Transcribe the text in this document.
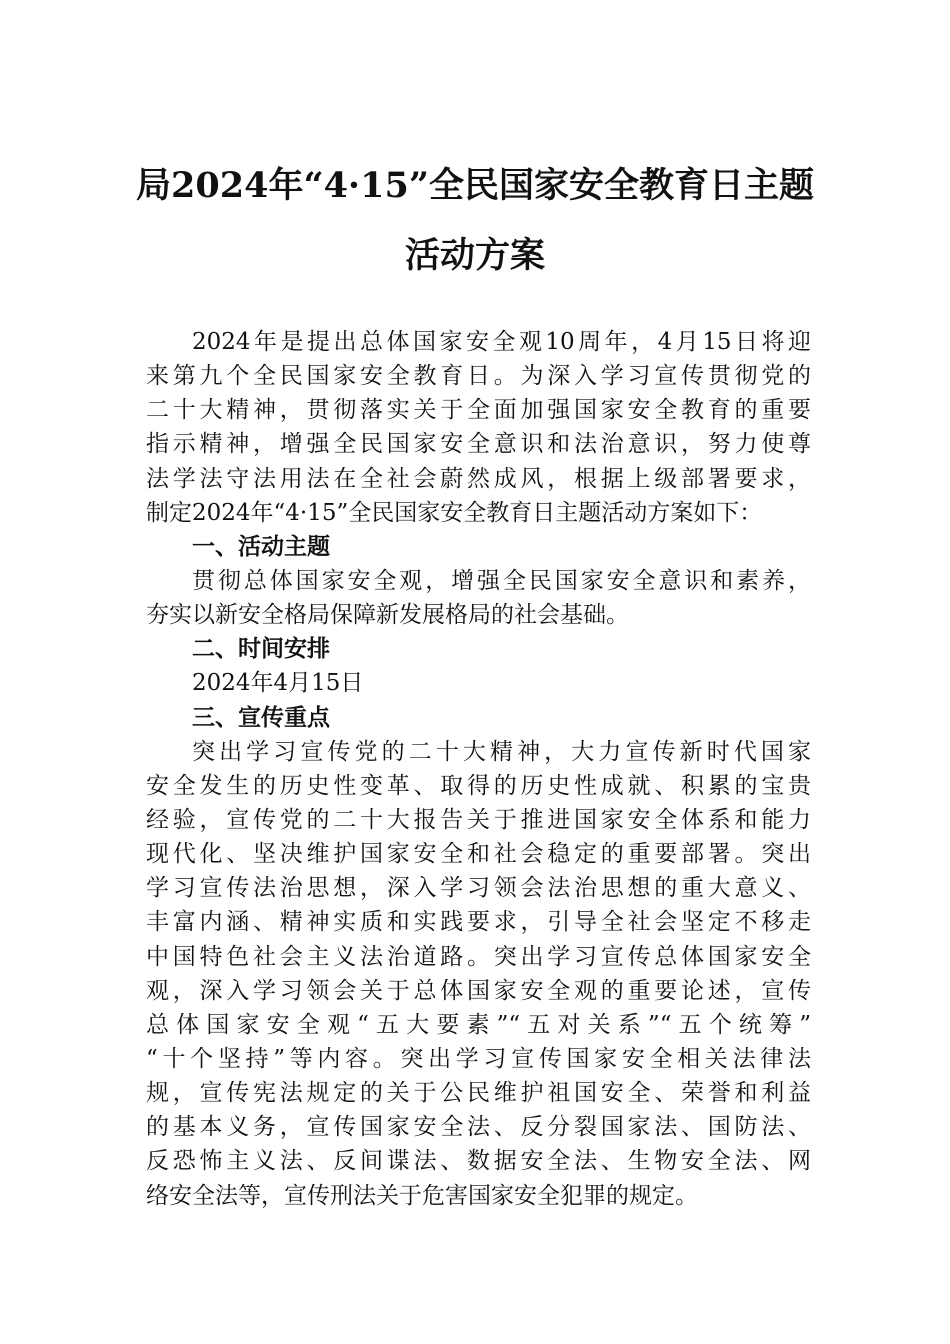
局2024年“4·15”全民国家安全教育日主题
活动方案
2024年是提出总体国家安全观10周年，4月15日将迎
来第九个全民国家安全教育日。为深入学习宣传贯彻党的
二十大精神，贯彻落实关于全面加强国家安全教育的重要
指示精神，增强全民国家安全意识和法治意识，努力使尊
法学法守法用法在全社会蔚然成风，根据上级部署要求，
制定2024年“4·15”全民国家安全教育日主题活动方案如下：
一、活动主题
贯彻总体国家安全观，增强全民国家安全意识和素养，
夯实以新安全格局保障新发展格局的社会基础。
二、时间安排
2024年4月15日
三、宣传重点
突出学习宣传党的二十大精神，大力宣传新时代国家
安全发生的历史性变革、取得的历史性成就、积累的宝贵
经验，宣传党的二十大报告关于推进国家安全体系和能力
现代化、坚决维护国家安全和社会稳定的重要部署。突出
学习宣传法治思想，深入学习领会法治思想的重大意义、
丰富内涵、精神实质和实践要求，引导全社会坚定不移走
中国特色社会主义法治道路。突出学习宣传总体国家安全
观，深入学习领会关于总体国家安全观的重要论述，宣传
总体国家安全观“五大要素”“五对关系”“五个统筹”
“十个坚持”等内容。突出学习宣传国家安全相关法律法
规，宣传宪法规定的关于公民维护祖国安全、荣誉和利益
的基本义务，宣传国家安全法、反分裂国家法、国防法、
反恐怖主义法、反间谍法、数据安全法、生物安全法、网
络安全法等，宣传刑法关于危害国家安全犯罪的规定。
